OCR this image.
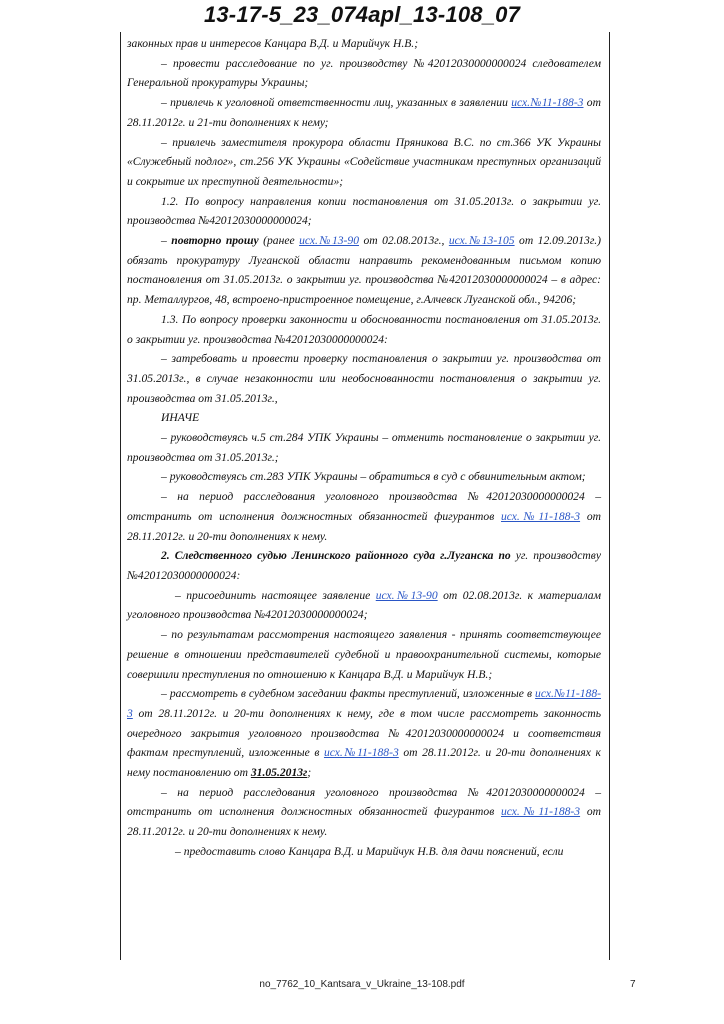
13-17-5_23_074apl_13-108_07

законных прав и интересов Канцара В.Д. и Марийчук Н.В.;

– провести расследование по уг. производству №42012030000000024 следователем Генеральной прокуратуры Украины;

– привлечь к уголовной ответственности лиц, указанных в заявлении исх.№11-188-3 от 28.11.2012г. и 21-ти дополнениях к нему;

– привлечь заместителя прокурора области Пряникова В.С. по ст.366 УК Украины «Служебный подлог», ст.256 УК Украины «Содействие участникам преступных организаций и сокрытие их преступной деятельности»;

1.2. По вопросу направления копии постановления от 31.05.2013г. о закрытии уг. производства №42012030000000024;

– повторно прошу (ранее исх.№13-90 от 02.08.2013г., исх.№13-105 от 12.09.2013г.) обязать прокуратуру Луганской области направить рекомендованным письмом копию постановления от 31.05.2013г. о закрытии уг. производства №42012030000000024 – в адрес: пр. Металлургов, 48, встроено-пристроенное помещение, г.Алчевск Луганской обл., 94206;

1.3. По вопросу проверки законности и обоснованности постановления от 31.05.2013г. о закрытии уг. производства №42012030000000024:

– затребовать и провести проверку постановления о закрытии уг. производства от 31.05.2013г., в случае незаконности или необоснованности постановления о закрытии уг. производства от 31.05.2013г.,

ИНАЧЕ

– руководствуясь ч.5 ст.284 УПК Украины – отменить постановление о закрытии уг. производства от 31.05.2013г.;

– руководствуясь ст.283 УПК Украины – обратиться в суд с обвинительным актом;

– на период расследования уголовного производства №42012030000000024 – отстранить от исполнения должностных обязанностей фигурантов исх.№11-188-3 от 28.11.2012г. и 20-ти дополнениях к нему.

2. Следственного судью Ленинского районного суда г.Луганска по уг. производству №42012030000000024:

– присоединить настоящее заявление исх.№13-90 от 02.08.2013г. к материалам уголовного производства №42012030000000024;

– по результатам рассмотрения настоящего заявления - принять соответствующее решение в отношении представителей судебной и правоохранительной системы, которые совершили преступления по отношению к Канцара В.Д. и Марийчук Н.В.;

– рассмотреть в судебном заседании факты преступлений, изложенные в исх.№11-188-3 от 28.11.2012г. и 20-ти дополнениях к нему, где в том числе рассмотреть законность очередного закрытия уголовного производства №42012030000000024 и соответствия фактам преступлений, изложенные в исх.№11-188-3 от 28.11.2012г. и 20-ти дополнениях к нему постановлению от 31.05.2013г;

– на период расследования уголовного производства №42012030000000024 – отстранить от исполнения должностных обязанностей фигурантов исх.№11-188-3 от 28.11.2012г. и 20-ти дополнениях к нему.

– предоставить слово Канцара В.Д. и Марийчук Н.В. для дачи пояснений, если

no_7762_10_Kantsara_v_Ukraine_13-108.pdf	7
